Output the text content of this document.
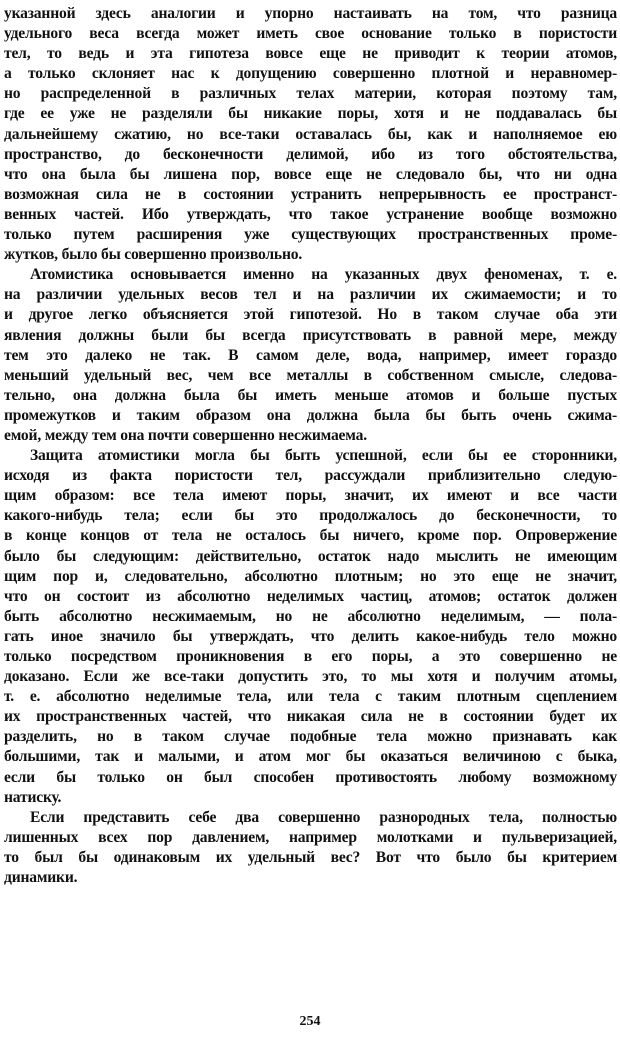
указанной здесь аналогии и упорно настаивать на том, что разница
удельного веса всегда может иметь свое основание только в пористости
тел, то ведь и эта гипотеза вовсе еще не приводит к теории атомов,
а только склоняет нас к допущению совершенно плотной и неравномер-
но распределенной в различных телах материи, которая поэтому там,
где ее уже не разделяли бы никакие поры, хотя и не поддавалась бы
дальнейшему сжатию, но все-таки оставалась бы, как и наполняемое ею
пространство, до бесконечности делимой, ибо из того обстоятельства,
что она была бы лишена пор, вовсе еще не следовало бы, что ни одна
возможная сила не в состоянии устранить непрерывность ее пространст-
венных частей. Ибо утверждать, что такое устранение вообще возможно
только путем расширения уже существующих пространственных проме-
жутков, было бы совершенно произвольно.
Атомистика основывается именно на указанных двух феноменах, т. е.
на различии удельных весов тел и на различии их сжимаемости; и то
и другое легко объясняется этой гипотезой. Но в таком случае оба эти
явления должны были бы всегда присутствовать в равной мере, между
тем это далеко не так. В самом деле, вода, например, имеет гораздо
меньший удельный вес, чем все металлы в собственном смысле, следова-
тельно, она должна была бы иметь меньше атомов и больше пустых
промежутков и таким образом она должна была бы быть очень сжима-
емой, между тем она почти совершенно несжимаема.
Защита атомистики могла бы быть успешной, если бы ее сторонники,
исходя из факта пористости тел, рассуждали приблизительно следую-
щим образом: все тела имеют поры, значит, их имеют и все части
какого-нибудь тела; если бы это продолжалось до бесконечности, то
в конце концов от тела не осталось бы ничего, кроме пор. Опровержение
было бы следующим: действительно, остаток надо мыслить не имеющим
щим пор и, следовательно, абсолютно плотным; но это еще не значит,
что он состоит из абсолютно неделимых частиц, атомов; остаток должен
быть абсолютно несжимаемым, но не абсолютно неделимым, — пола-
гать иное значило бы утверждать, что делить какое-нибудь тело можно
только посредством проникновения в его поры, а это совершенно не
доказано. Если же все-таки допустить это, то мы хотя и получим атомы,
т. е. абсолютно неделимые тела, или тела с таким плотным сцеплением
их пространственных частей, что никакая сила не в состоянии будет их
разделить, но в таком случае подобные тела можно признавать как
большими, так и малыми, и атом мог бы оказаться величиною с быка,
если бы только он был способен противостоять любому возможному
натиску.
Если представить себе два совершенно разнородных тела, полностью
лишенных всех пор давлением, например молотками и пульверизацией,
то был бы одинаковым их удельный вес? Вот что было бы критерием
динамики.
254
